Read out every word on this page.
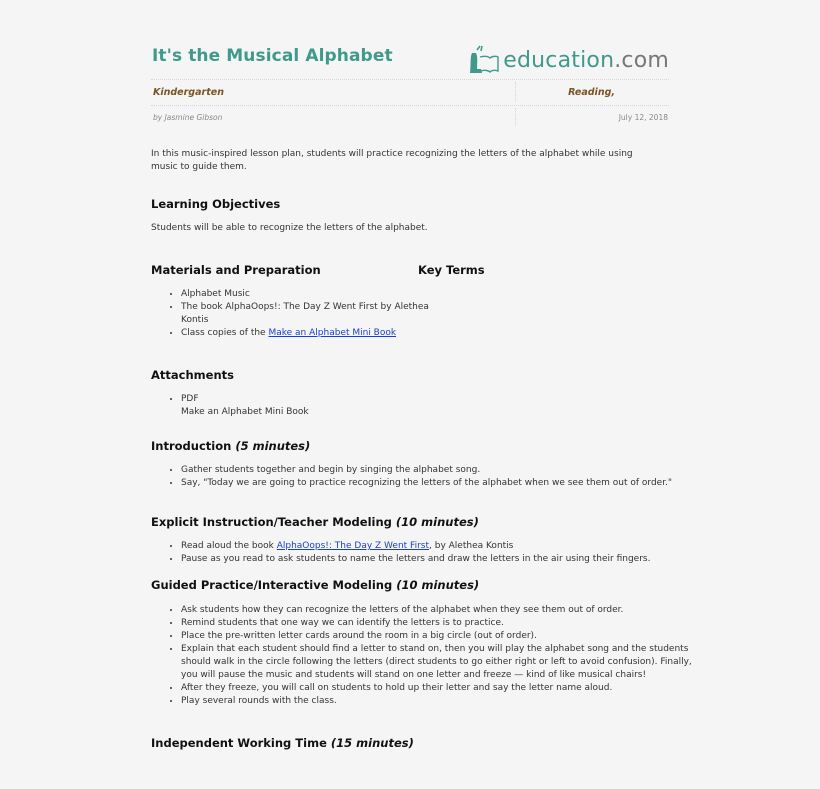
It's the Musical Alphabet	education.com
Kindergarten	Reading,
by Jasmine Gibson	July 12, 2018

In this music-inspired lesson plan, students will practice recognizing the letters of the alphabet while using music to guide them.

Learning Objectives

Students will be able to recognize the letters of the alphabet.

Materials and Preparation	Key Terms
• Alphabet Music
• The book AlphaOops!: The Day Z Went First by Alethea Kontis
• Class copies of the Make an Alphabet Mini Book
Attachments
• PDF
Make an Alphabet Mini Book
Introduction (5 minutes)
• Gather students together and begin by singing the alphabet song.
• Say, "Today we are going to practice recognizing the letters of the alphabet when we see them out of order."
Explicit Instruction/Teacher Modeling (10 minutes)
• Read aloud the book AlphaOops!: The Day Z Went First, by Alethea Kontis
• Pause as you read to ask students to name the letters and draw the letters in the air using their fingers.
Guided Practice/Interactive Modeling (10 minutes)
• Ask students how they can recognize the letters of the alphabet when they see them out of order.
• Remind students that one way we can identify the letters is to practice.
• Place the pre-written letter cards around the room in a big circle (out of order).
• Explain that each student should find a letter to stand on, then you will play the alphabet song and the students should walk in the circle following the letters (direct students to go either right or left to avoid confusion). Finally, you will pause the music and students will stand on one letter and freeze — kind of like musical chairs!
• After they freeze, you will call on students to hold up their letter and say the letter name aloud.
• Play several rounds with the class.
Independent Working Time (15 minutes)
